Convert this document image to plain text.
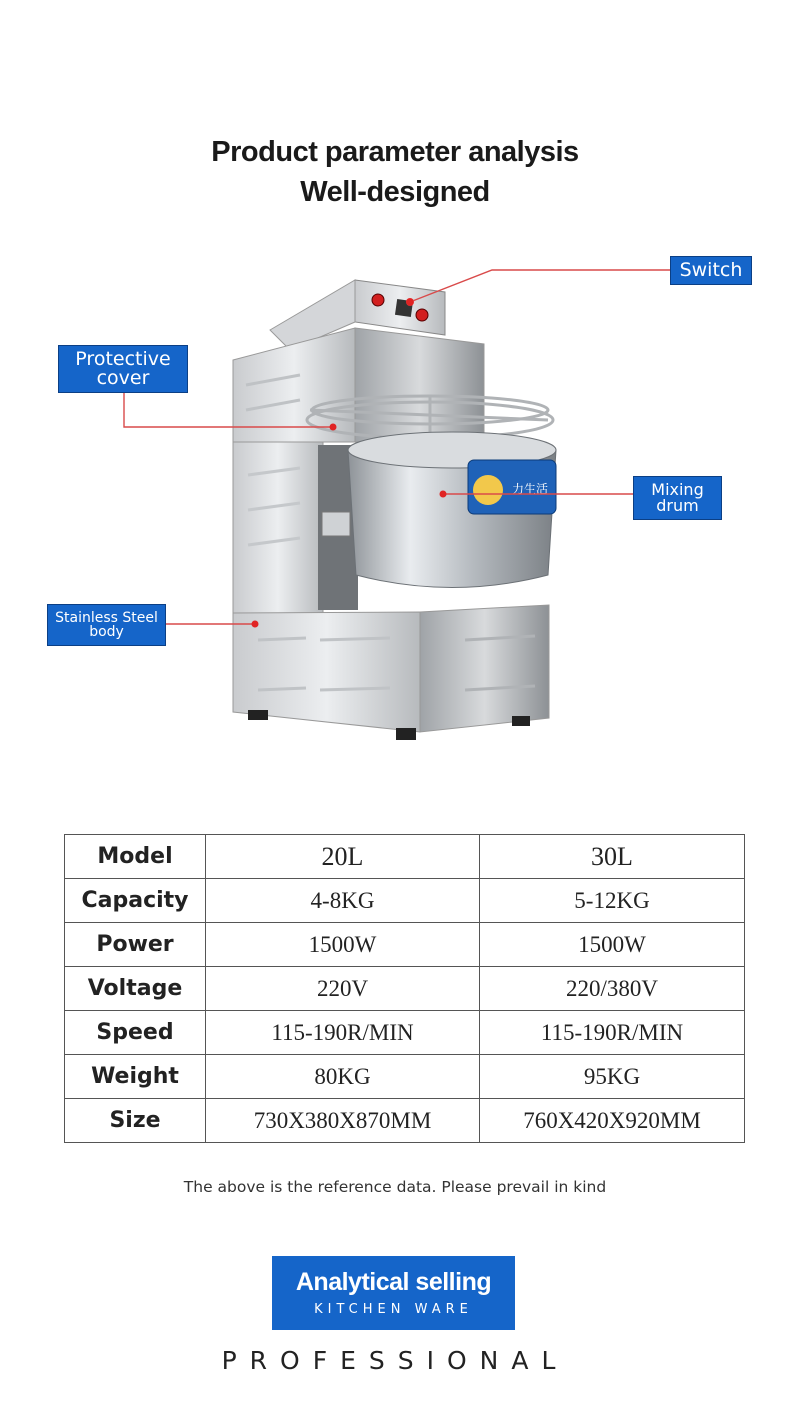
Product parameter analysis
Well-designed
力生活
Switch
Protective
cover
Mixing
drum
Stainless Steel
body
Model	20L	30L
Capacity	4-8KG	5-12KG
Power	1500W	1500W
Voltage	220V	220/380V
Speed	115-190R/MIN	115-190R/MIN
Weight	80KG	95KG
Size	730X380X870MM	760X420X920MM
The above is the reference data. Please prevail in kind
Analytical selling
KITCHEN WARE
PROFESSIONAL
